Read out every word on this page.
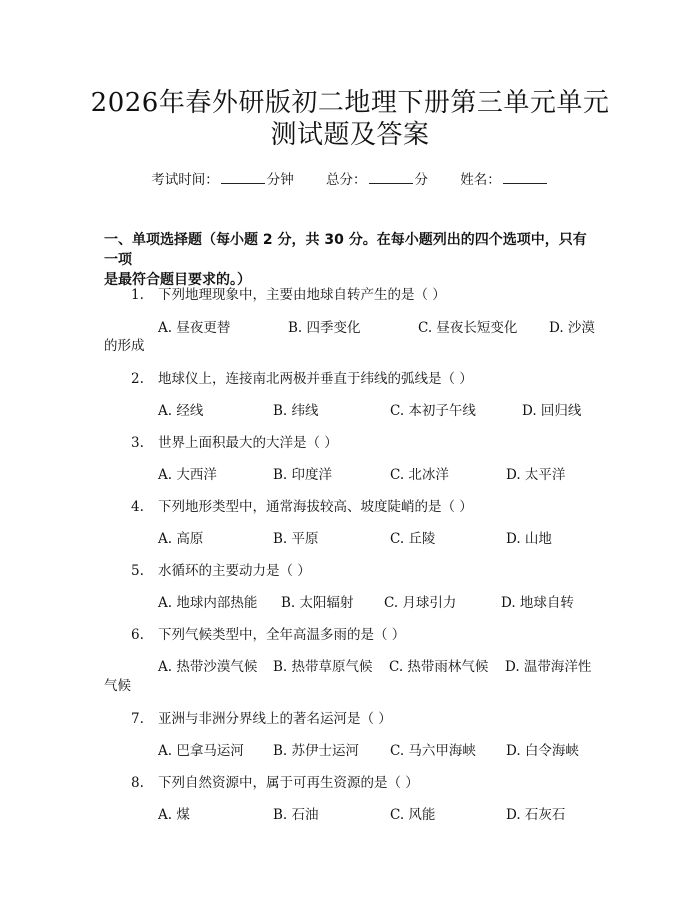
2026年春外研版初二地理下册第三单元单元
测试题及答案
考试时间：	分钟 总分：	分 姓名：
一、单项选择题（每小题 2 分，共 30 分。在每小题列出的四个选项中，只有一项
是最符合题目要求的。）
1. 下列地理现象中，主要由地球自转产生的是（ ）
A. 昼夜更替	B. 四季变化	C. 昼夜长短变化 D. 沙漠
的形成
2. 地球仪上，连接南北两极并垂直于纬线的弧线是（ ）
A. 经线	B. 纬线	C. 本初子午线	D. 回归线
3. 世界上面积最大的大洋是（ ）
A. 大西洋	B. 印度洋	C. 北冰洋	D. 太平洋
4. 下列地形类型中，通常海拔较高、坡度陡峭的是（ ）
A. 高原	B. 平原	C. 丘陵	D. 山地
5. 水循环的主要动力是（ ）
A. 地球内部热能 B. 太阳辐射 C. 月球引力	D. 地球自转
6. 下列气候类型中，全年高温多雨的是（ ）
A. 热带沙漠气候 B. 热带草原气候 C. 热带雨林气候 D. 温带海洋性
气候
7. 亚洲与非洲分界线上的著名运河是（ ）
A. 巴拿马运河 B. 苏伊士运河 C. 马六甲海峡 D. 白令海峡
8. 下列自然资源中，属于可再生资源的是（ ）
A. 煤	B. 石油	C. 风能	D. 石灰石
